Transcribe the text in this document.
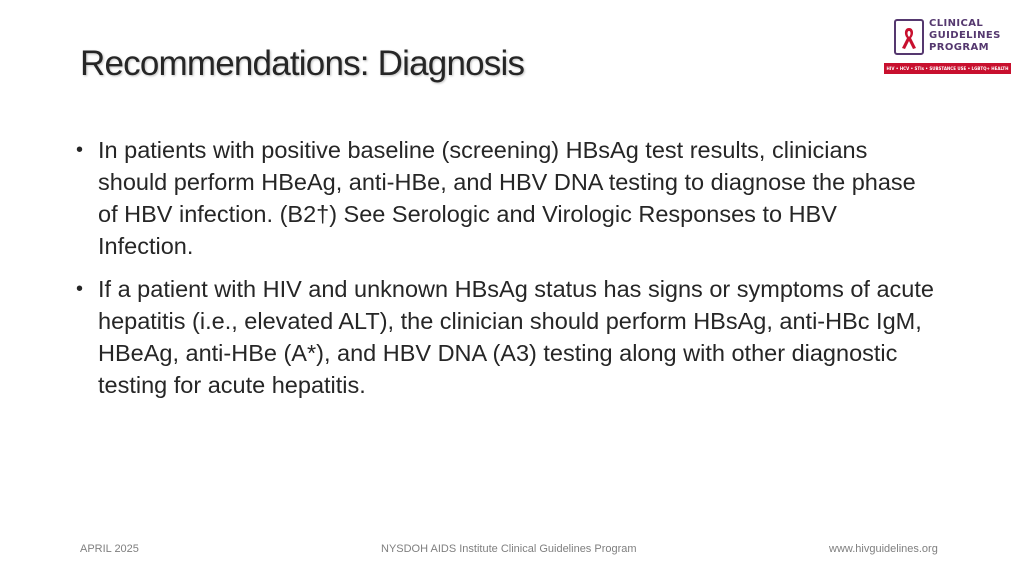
Recommendations: Diagnosis
CLINICAL
GUIDELINES
PROGRAM
HIV • HCV • STIs • SUBSTANCE USE • LGBTQ+ HEALTH
• In patients with positive baseline (screening) HBsAg test results, clinicians should perform HBeAg, anti-HBe, and HBV DNA testing to diagnose the phase of HBV infection. (B2†) See Serologic and Virologic Responses to HBV Infection.
• If a patient with HIV and unknown HBsAg status has signs or symptoms of acute hepatitis (i.e., elevated ALT), the clinician should perform HBsAg, anti-HBc IgM, HBeAg, anti-HBe (A*), and HBV DNA (A3) testing along with other diagnostic testing for acute hepatitis.
APRIL 2025	NYSDOH AIDS Institute Clinical Guidelines Program	www.hivguidelines.org
